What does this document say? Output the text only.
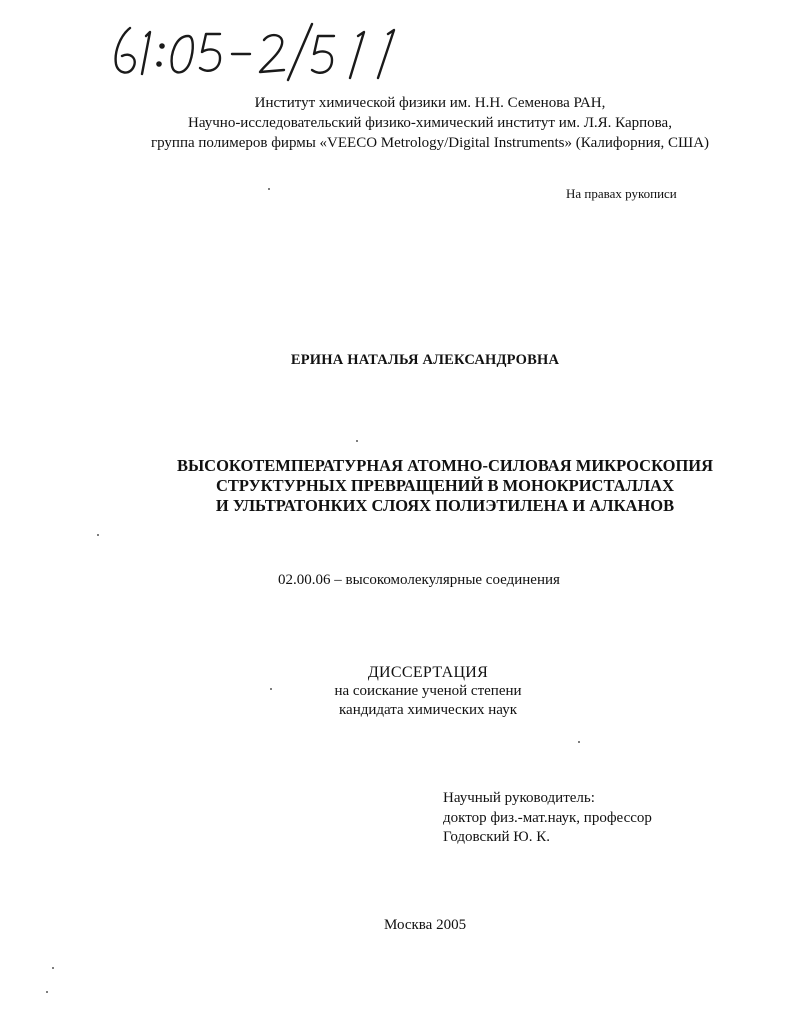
Институт химической физики им. Н.Н. Семенова РАН,
Научно-исследовательский физико-химический институт им. Л.Я. Карпова,
группа полимеров фирмы «VEECO Metrology/Digital Instruments» (Калифорния, США)
На правах рукописи
ЕРИНА НАТАЛЬЯ АЛЕКСАНДРОВНА
ВЫСОКОТЕМПЕРАТУРНАЯ АТОМНО-СИЛОВАЯ МИКРОСКОПИЯ
СТРУКТУРНЫХ ПРЕВРАЩЕНИЙ В МОНОКРИСТАЛЛАХ
И УЛЬТРАТОНКИХ СЛОЯХ ПОЛИЭТИЛЕНА И АЛКАНОВ
02.00.06 – высокомолекулярные соединения
ДИССЕРТАЦИЯ
на соискание ученой степени
кандидата химических наук
Научный руководитель:
доктор физ.-мат.наук, профессор
Годовский Ю. К.
Москва 2005
